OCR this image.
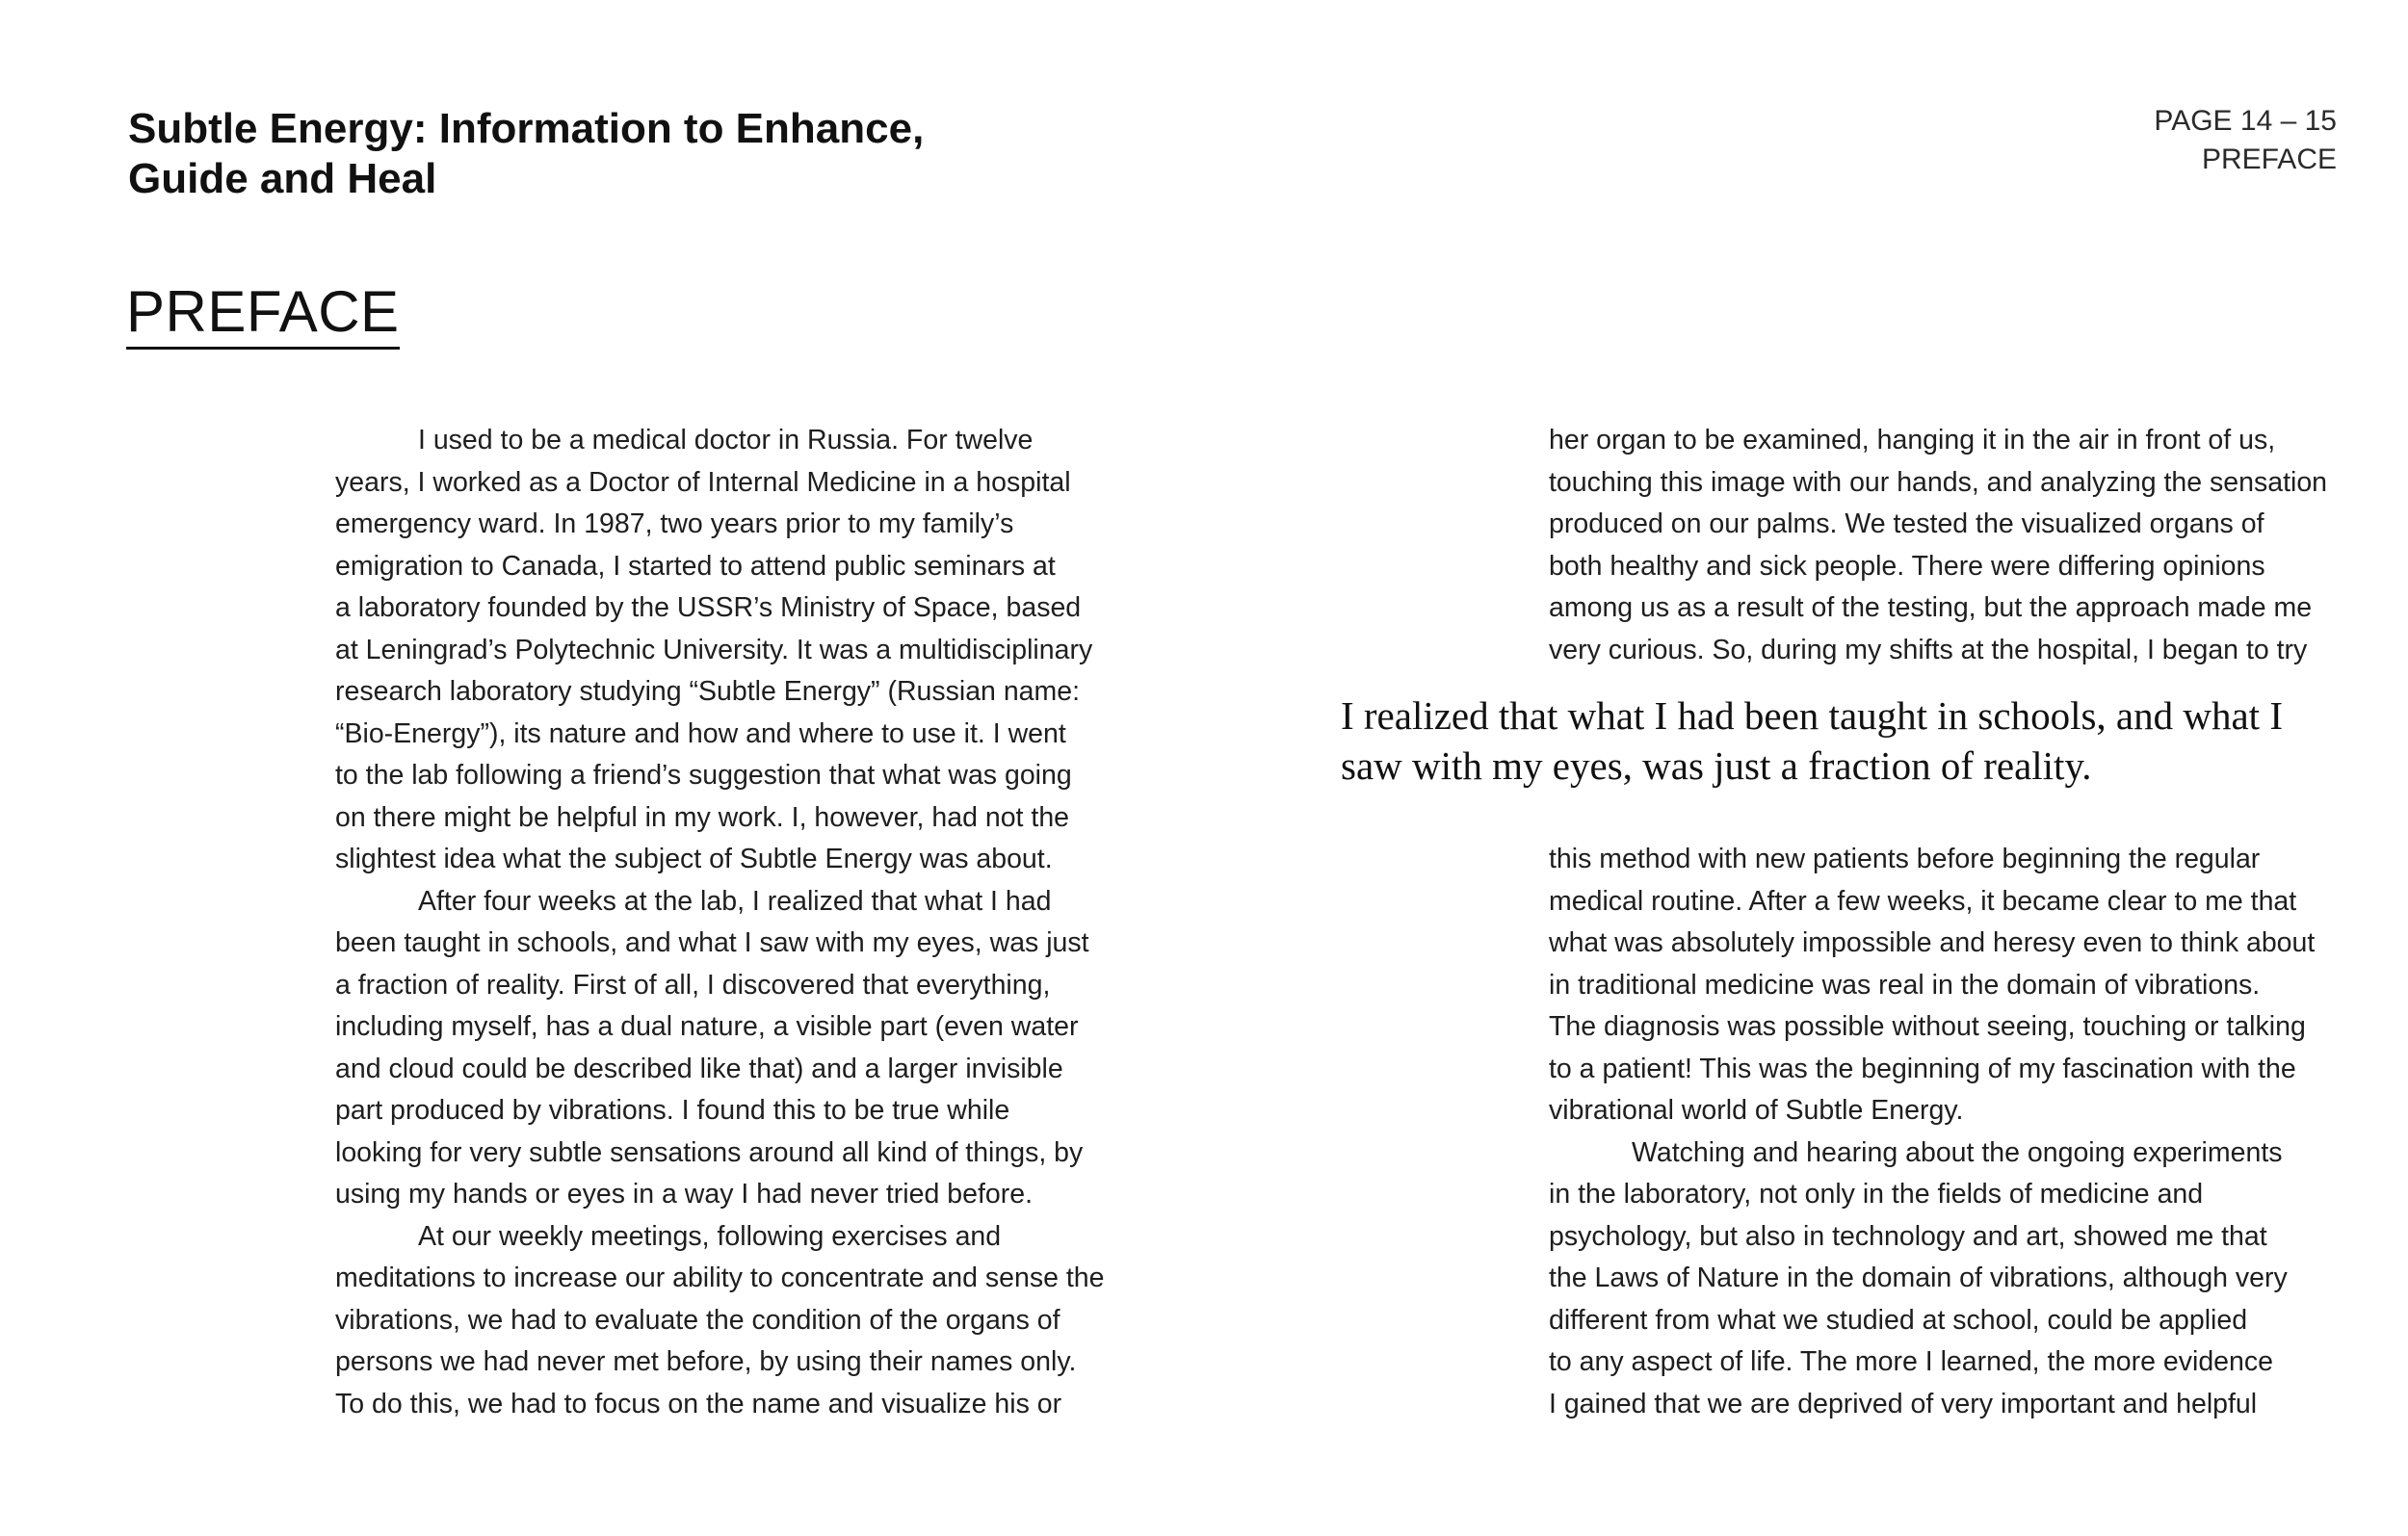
Subtle Energy: Information to Enhance,
Guide and Heal
PAGE 14 – 15
PREFACE
PREFACE
I used to be a medical doctor in Russia. For twelve
years, I worked as a Doctor of Internal Medicine in a hospital
emergency ward. In 1987, two years prior to my family’s
emigration to Canada, I started to attend public seminars at
a laboratory founded by the USSR’s Ministry of Space, based
at Leningrad’s Polytechnic University. It was a multidisciplinary
research laboratory studying “Subtle Energy” (Russian name:
“Bio-Energy”), its nature and how and where to use it. I went
to the lab following a friend’s suggestion that what was going
on there might be helpful in my work. I, however, had not the
slightest idea what the subject of Subtle Energy was about.
After four weeks at the lab, I realized that what I had
been taught in schools, and what I saw with my eyes, was just
a fraction of reality. First of all, I discovered that everything,
including myself, has a dual nature, a visible part (even water
and cloud could be described like that) and a larger invisible
part produced by vibrations. I found this to be true while
looking for very subtle sensations around all kind of things, by
using my hands or eyes in a way I had never tried before.
At our weekly meetings, following exercises and
meditations to increase our ability to concentrate and sense the
vibrations, we had to evaluate the condition of the organs of
persons we had never met before, by using their names only.
To do this, we had to focus on the name and visualize his or
her organ to be examined, hanging it in the air in front of us,
touching this image with our hands, and analyzing the sensation
produced on our palms. We tested the visualized organs of
both healthy and sick people. There were differing opinions
among us as a result of the testing, but the approach made me
very curious. So, during my shifts at the hospital, I began to try
I realized that what I had been taught in schools, and what I
saw with my eyes, was just a fraction of reality.
this method with new patients before beginning the regular
medical routine. After a few weeks, it became clear to me that
what was absolutely impossible and heresy even to think about
in traditional medicine was real in the domain of vibrations.
The diagnosis was possible without seeing, touching or talking
to a patient! This was the beginning of my fascination with the
vibrational world of Subtle Energy.
Watching and hearing about the ongoing experiments
in the laboratory, not only in the fields of medicine and
psychology, but also in technology and art, showed me that
the Laws of Nature in the domain of vibrations, although very
different from what we studied at school, could be applied
to any aspect of life. The more I learned, the more evidence
I gained that we are deprived of very important and helpful
